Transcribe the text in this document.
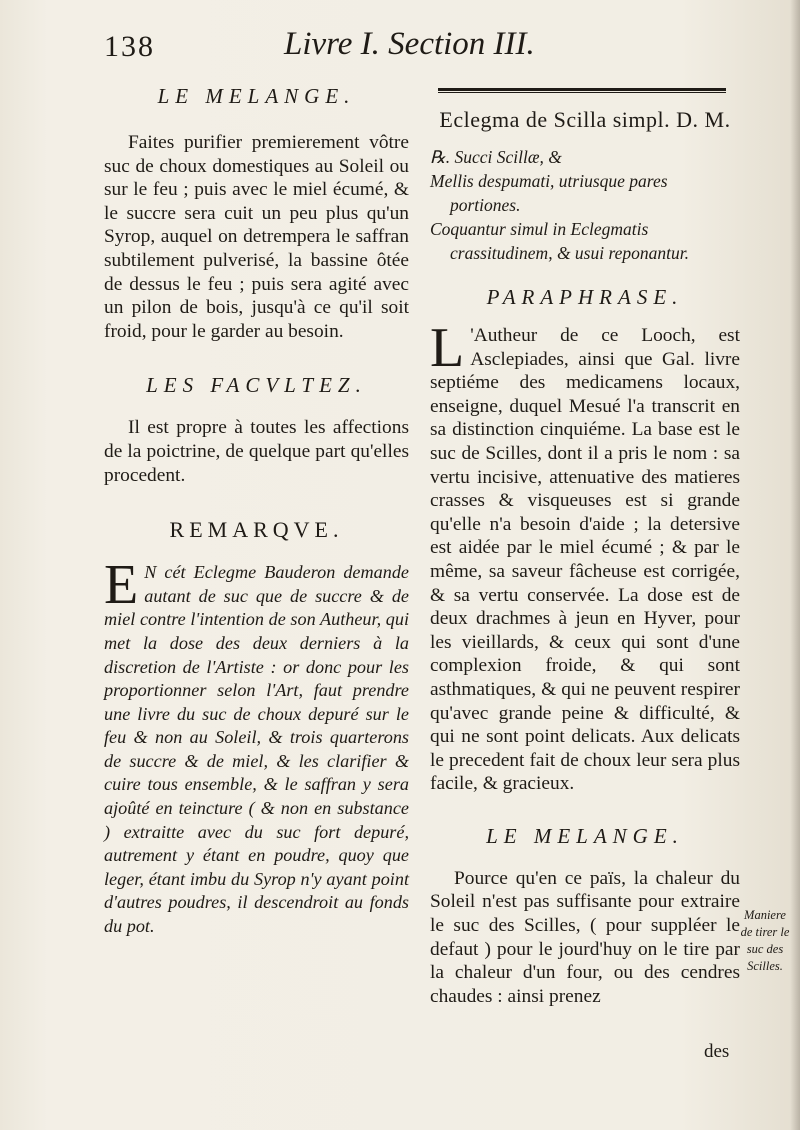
138	Livre I. Section III.

LE MELANGE.

Faites purifier premierement vôtre suc de choux domestiques au Soleil ou sur le feu ; puis avec le miel écumé, & le succre sera cuit un peu plus qu'un Syrop, auquel on detrempera le saffran subtilement pulverisé, la bassine ôtée de dessus le feu ; puis sera agité avec un pilon de bois, jusqu'à ce qu'il soit froid, pour le garder au besoin.

LES FACVLTEZ.

Il est propre à toutes les affections de la poictrine, de quelque part qu'elles procedent.

REMARQVE.

E N cét Eclegme Bauderon demande autant de suc que de succre & de miel contre l'intention de son Autheur, qui met la dose des deux derniers à la discretion de l'Artiste : or donc pour les proportionner selon l'Art, faut prendre une livre du suc de choux depuré sur le feu & non au Soleil, & trois quarterons de succre & de miel, & les clarifier & cuire tous ensemble, & le saffran y sera ajoûté en teincture ( & non en substance ) extraitte avec du suc fort depuré, autrement y étant en poudre, quoy que leger, étant imbu du Syrop n'y ayant point d'autres poudres, il descendroit au fonds du pot.

Eclegma de Scilla simpl. D. M.

℞. Succi Scillæ, &

Mellis despumati, utriusque pares portiones.

Coquantur simul in Eclegmatis crassitudinem, & usui reponantur.

PARAPHRASE.

L 'Autheur de ce Looch, est Asclepiades, ainsi que Gal. livre septiéme des medicamens locaux, enseigne, duquel Mesué l'a transcrit en sa distinction cinquiéme. La base est le suc de Scilles, dont il a pris le nom : sa vertu incisive, attenuative des matieres crasses & visqueuses est si grande qu'elle n'a besoin d'aide ; la detersive est aidée par le miel écumé ; & par le même, sa saveur fâcheuse est corrigée, & sa vertu conservée. La dose est de deux drachmes à jeun en Hyver, pour les vieillards, & ceux qui sont d'une complexion froide, & qui sont asthmatiques, & qui ne peuvent respirer qu'avec grande peine & difficulté, & qui ne sont point delicats. Aux delicats le precedent fait de choux leur sera plus facile, & gracieux.

LE MELANGE.

Pource qu'en ce païs, la chaleur du Soleil n'est pas suffisante pour extraire le suc des Scilles, ( pour suppléer le defaut ) pour le jourd'huy on le tire par la chaleur d'un four, ou des cendres chaudes : ainsi prenez

Maniere de tirer le suc des Scilles.
des
